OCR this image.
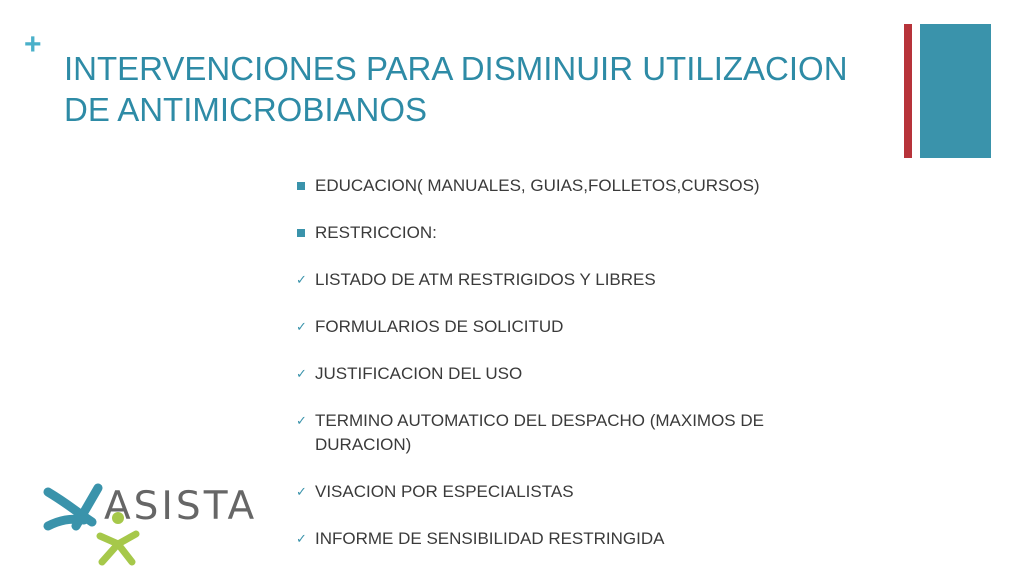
+
INTERVENCIONES PARA DISMINUIR UTILIZACION DE ANTIMICROBIANOS
EDUCACION( MANUALES, GUIAS,FOLLETOS,CURSOS)
RESTRICCION:
✓ LISTADO DE ATM RESTRIGIDOS Y LIBRES
✓ FORMULARIOS DE SOLICITUD
✓ JUSTIFICACION DEL USO
✓ TERMINO AUTOMATICO DEL DESPACHO (MAXIMOS DE DURACION)
✓ VISACION POR ESPECIALISTAS
✓ INFORME DE SENSIBILIDAD RESTRINGIDA
ASISTA
